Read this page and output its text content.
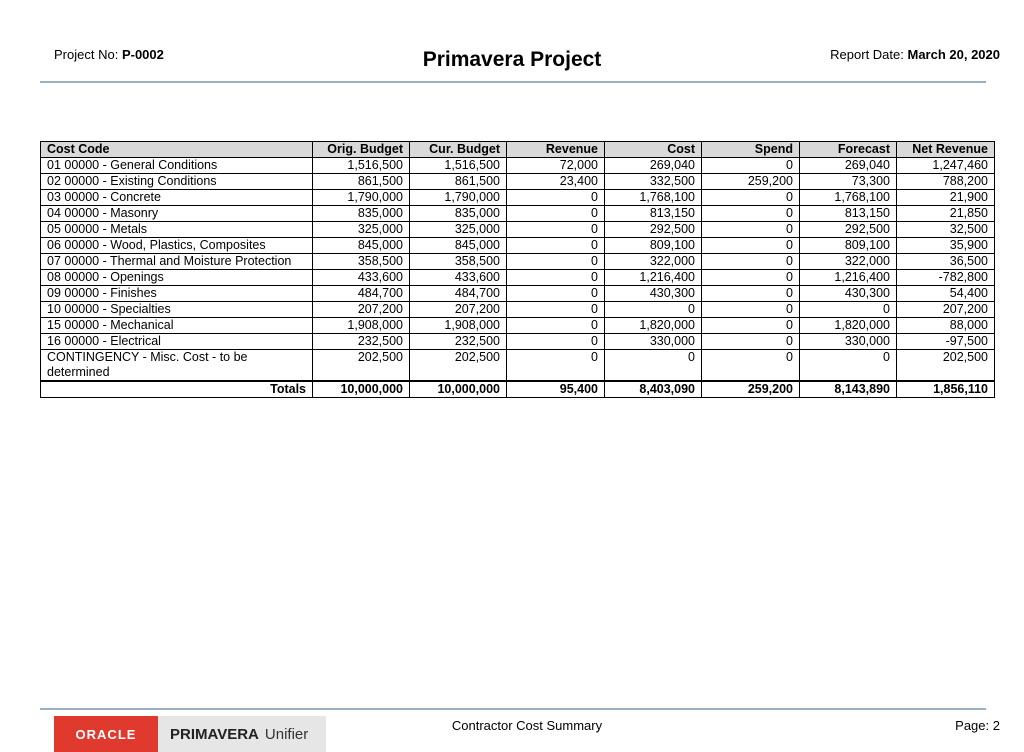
Project No: P-0002	Primavera Project	Report Date: March 20, 2020
Cost Code	Orig. Budget	Cur. Budget	Revenue	Cost	Spend	Forecast	Net Revenue
01 00000 - General Conditions	1,516,500	1,516,500	72,000	269,040	0	269,040	1,247,460
02 00000 - Existing Conditions	861,500	861,500	23,400	332,500	259,200	73,300	788,200
03 00000 - Concrete	1,790,000	1,790,000	0	1,768,100	0	1,768,100	21,900
04 00000 - Masonry	835,000	835,000	0	813,150	0	813,150	21,850
05 00000 - Metals	325,000	325,000	0	292,500	0	292,500	32,500
06 00000 - Wood, Plastics, Composites	845,000	845,000	0	809,100	0	809,100	35,900
07 00000 - Thermal and Moisture Protection	358,500	358,500	0	322,000	0	322,000	36,500
08 00000 - Openings	433,600	433,600	0	1,216,400	0	1,216,400	-782,800
09 00000 - Finishes	484,700	484,700	0	430,300	0	430,300	54,400
10 00000 - Specialties	207,200	207,200	0	0	0	0	207,200
15 00000 - Mechanical	1,908,000	1,908,000	0	1,820,000	0	1,820,000	88,000
16 00000 - Electrical	232,500	232,500	0	330,000	0	330,000	-97,500
CONTINGENCY - Misc. Cost - to be determined	202,500	202,500	0	0	0	0	202,500
Totals	10,000,000	10,000,000	95,400	8,403,090	259,200	8,143,890	1,856,110
ORACLE	PRIMAVERA Unifier	Contractor Cost Summary	Page: 2
